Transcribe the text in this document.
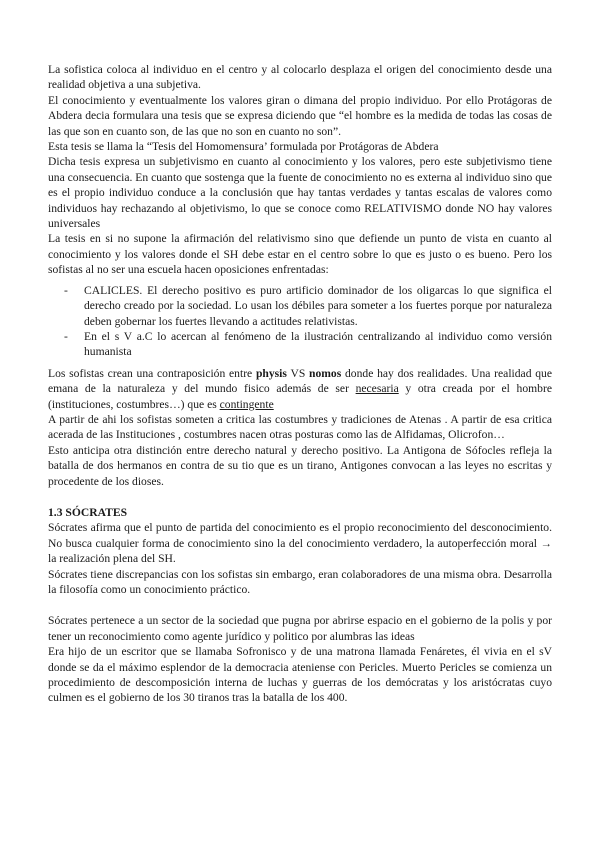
La sofistica coloca al individuo en el centro y al colocarlo desplaza el origen del conocimiento desde una realidad objetiva a una subjetiva.

El conocimiento y eventualmente los valores giran o dimana del propio individuo. Por ello Protágoras de Abdera decia formulara una tesis que se expresa diciendo que “el hombre es la medida de todas las cosas de las que son en cuanto son, de las que no son en cuanto no son”.

Esta tesis se llama la “Tesis del Homomensura’ formulada por Protágoras de Abdera

Dicha tesis expresa un subjetivismo en cuanto al conocimiento y los valores, pero este subjetivismo tiene una consecuencia. En cuanto que sostenga que la fuente de conocimiento no es externa al individuo sino que es el propio individuo conduce a la conclusión que hay tantas verdades y tantas escalas de valores como individuos hay rechazando al objetivismo, lo que se conoce como RELATIVISMO donde NO hay valores universales

La tesis en si no supone la afirmación del relativismo sino que defiende un punto de vista en cuanto al conocimiento y los valores donde el SH debe estar en el centro sobre lo que es justo o es bueno. Pero los sofistas al no ser una escuela hacen oposiciones enfrentadas:

- CALICLES. El derecho positivo es puro artificio dominador de los oligarcas lo que significa el derecho creado por la sociedad. Lo usan los débiles para someter a los fuertes porque por naturaleza deben gobernar los fuertes llevando a actitudes relativistas.
- En el s V a.C lo acercan al fenómeno de la ilustración centralizando al individuo como versión humanista

Los sofistas crean una contraposición entre physis VS nomos donde hay dos realidades. Una realidad que emana de la naturaleza y del mundo fisico además de ser necesaria y otra creada por el hombre (instituciones, costumbres…) que es contingente

A partir de ahi los sofistas someten a critica las costumbres y tradiciones de Atenas . A partir de esa critica acerada de las Instituciones , costumbres nacen otras posturas como las de Alfidamas, Olicrofon…

Esto anticipa otra distinción entre derecho natural y derecho positivo. La Antigona de Sófocles refleja la batalla de dos hermanos en contra de su tio que es un tirano, Antigones convocan a las leyes no escritas y procedente de los dioses.

1.3 SÓCRATES

Sócrates afirma que el punto de partida del conocimiento es el propio reconocimiento del desconocimiento. No busca cualquier forma de conocimiento sino la del conocimiento verdadero, la autoperfección moral → la realización plena del SH.

Sócrates tiene discrepancias con los sofistas sin embargo, eran colaboradores de una misma obra. Desarrolla la filosofía como un conocimiento práctico.

Sócrates pertenece a un sector de la sociedad que pugna por abrirse espacio en el gobierno de la polis y por tener un reconocimiento como agente jurídico y politico por alumbras las ideas

Era hijo de un escritor que se llamaba Sofronisco y de una matrona llamada Fenáretes, él vivia en el sV donde se da el máximo esplendor de la democracia ateniense con Pericles. Muerto Pericles se comienza un procedimiento de descomposición interna de luchas y guerras de los demócratas y los aristócratas cuyo culmen es el gobierno de los 30 tiranos tras la batalla de los 400.
